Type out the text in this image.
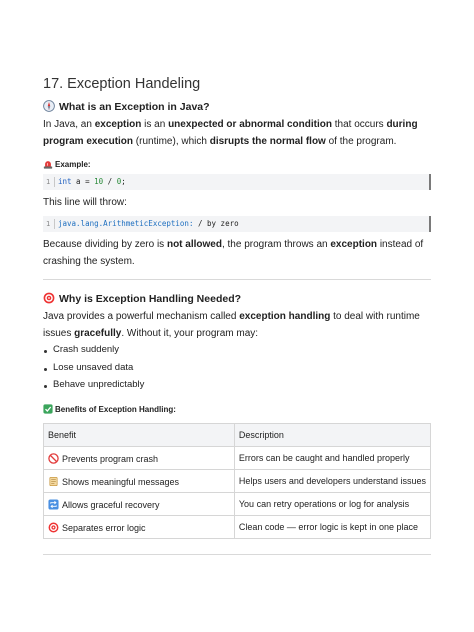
17. Exception Handeling
What is an Exception in Java?
In Java, an exception is an unexpected or abnormal condition that occurs during program execution (runtime), which disrupts the normal flow of the program.
Example:
1 int a = 10 / 0;
This line will throw:
1 java.lang.ArithmeticException: / by zero
Because dividing by zero is not allowed, the program throws an exception instead of crashing the system.
Why is Exception Handling Needed?
Java provides a powerful mechanism called exception handling to deal with runtime issues gracefully. Without it, your program may:
Crash suddenly
Lose unsaved data
Behave unpredictably
Benefits of Exception Handling:
Benefit	Description
Prevents program crash	Errors can be caught and handled properly
Shows meaningful messages	Helps users and developers understand issues
Allows graceful recovery	You can retry operations or log for analysis
Separates error logic	Clean code — error logic is kept in one place
